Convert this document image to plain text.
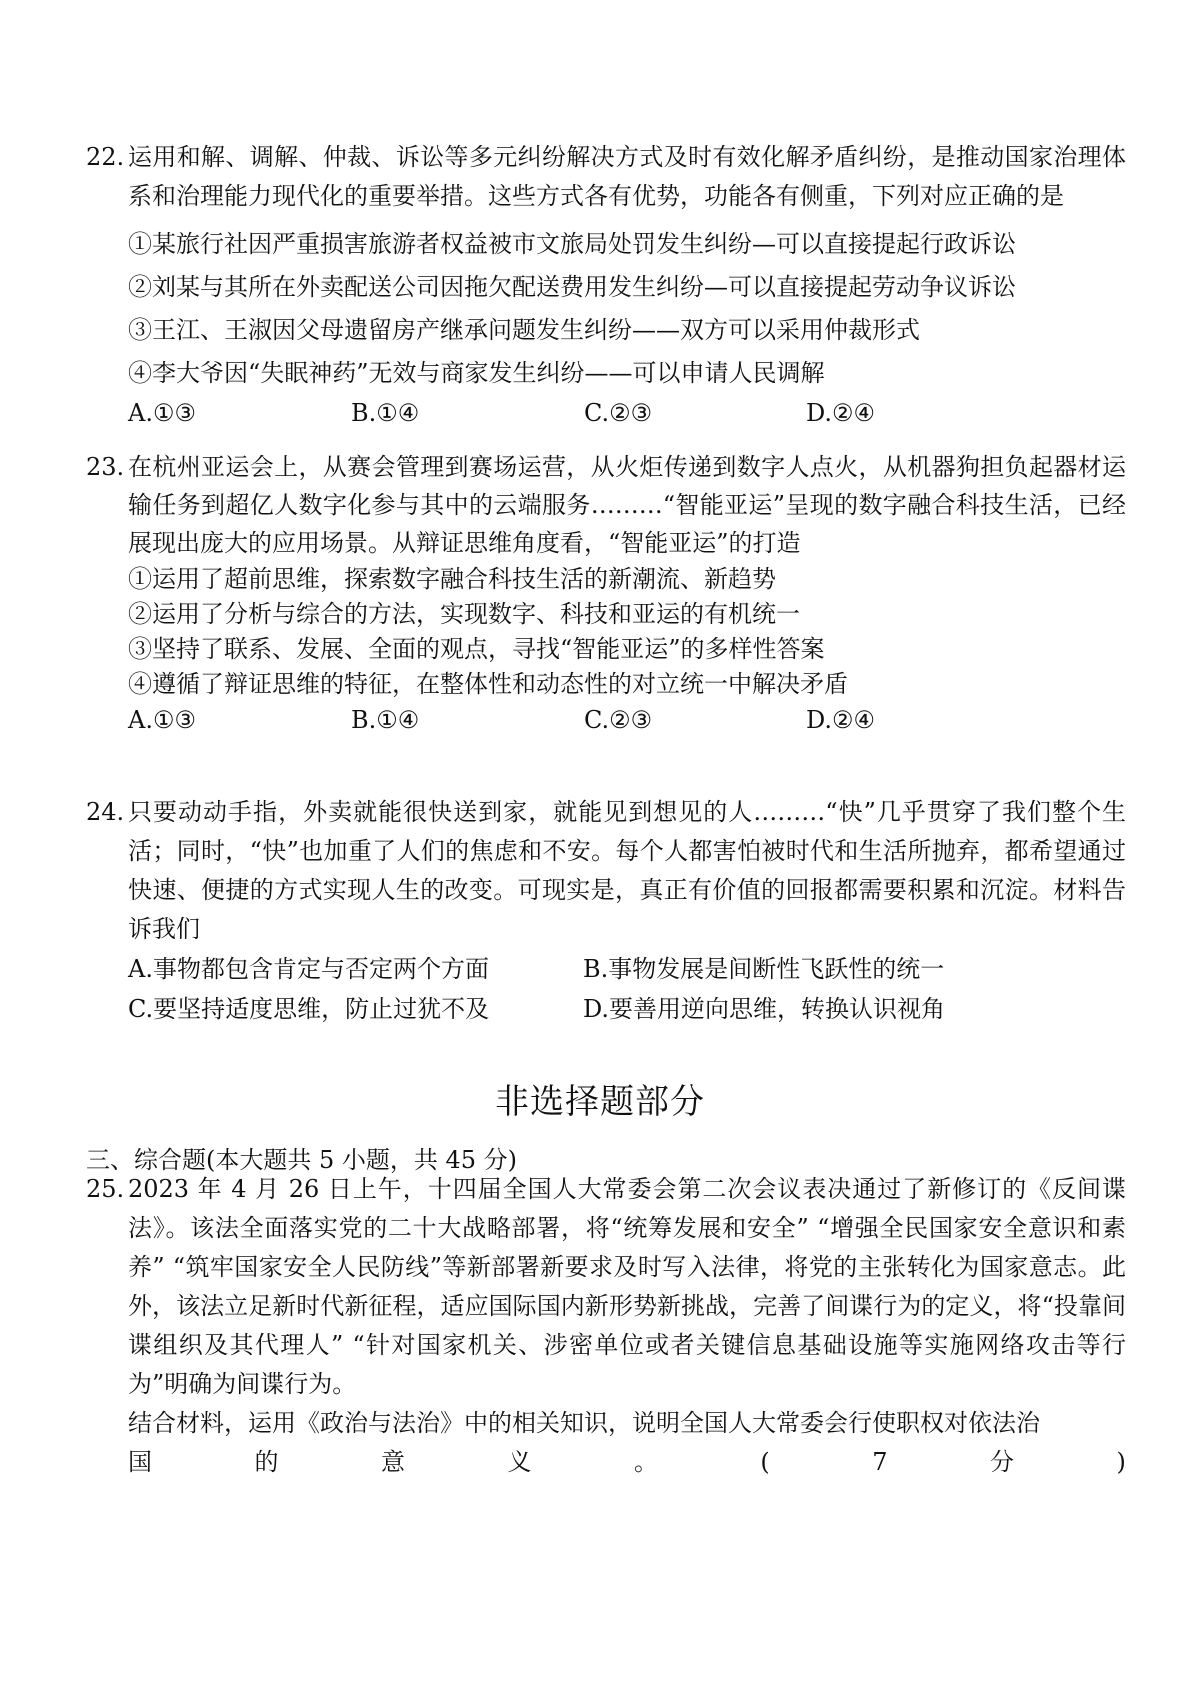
22. 运用和解、调解、仲裁、诉讼等多元纠纷解决方式及时有效化解矛盾纠纷，是推动国家治理体系和治理能力现代化的重要举措。这些方式各有优势，功能各有侧重，下列对应正确的是

①某旅行社因严重损害旅游者权益被市文旅局处罚发生纠纷—可以直接提起行政诉讼

②刘某与其所在外卖配送公司因拖欠配送费用发生纠纷—可以直接提起劳动争议诉讼

③王江、王淑因父母遗留房产继承问题发生纠纷——双方可以采用仲裁形式

④李大爷因“失眠神药”无效与商家发生纠纷——可以申请人民调解

A.①③	B.①④	C.②③	D.②④

23. 在杭州亚运会上，从赛会管理到赛场运营，从火炬传递到数字人点火，从机器狗担负起器材运输任务到超亿人数字化参与其中的云端服务………“智能亚运”呈现的数字融合科技生活，已经展现出庞大的应用场景。从辩证思维角度看，“智能亚运”的打造

①运用了超前思维，探索数字融合科技生活的新潮流、新趋势

②运用了分析与综合的方法，实现数字、科技和亚运的有机统一

③坚持了联系、发展、全面的观点，寻找“智能亚运”的多样性答案

④遵循了辩证思维的特征，在整体性和动态性的对立统一中解决矛盾

A.①③	B.①④	C.②③	D.②④

24. 只要动动手指，外卖就能很快送到家，就能见到想见的人………“快”几乎贯穿了我们整个生活；同时，“快”也加重了人们的焦虑和不安。每个人都害怕被时代和生活所抛弃，都希望通过快速、便捷的方式实现人生的改变。可现实是，真正有价值的回报都需要积累和沉淀。材料告诉我们

A.事物都包含肯定与否定两个方面	B.事物发展是间断性飞跃性的统一
C.要坚持适度思维，防止过犹不及	D.要善用逆向思维，转换认识视角
非选择题部分
三、综合题(本大题共 5 小题，共 45 分)

25. 2023 年 4 月 26 日上午，十四届全国人大常委会第二次会议表决通过了新修订的《反间谍法》。该法全面落实党的二十大战略部署，将“统筹发展和安全” “增强全民国家安全意识和素养” “筑牢国家安全人民防线”等新部署新要求及时写入法律，将党的主张转化为国家意志。此外，该法立足新时代新征程，适应国际国内新形势新挑战，完善了间谍行为的定义，将“投靠间谍组织及其代理人” “针对国家机关、涉密单位或者关键信息基础设施等实施网络攻击等行为”明确为间谍行为。

结合材料，运用《政治与法治》中的相关知识，说明全国人大常委会行使职权对依法治

国	的	意	义	。	(	7	分	)
